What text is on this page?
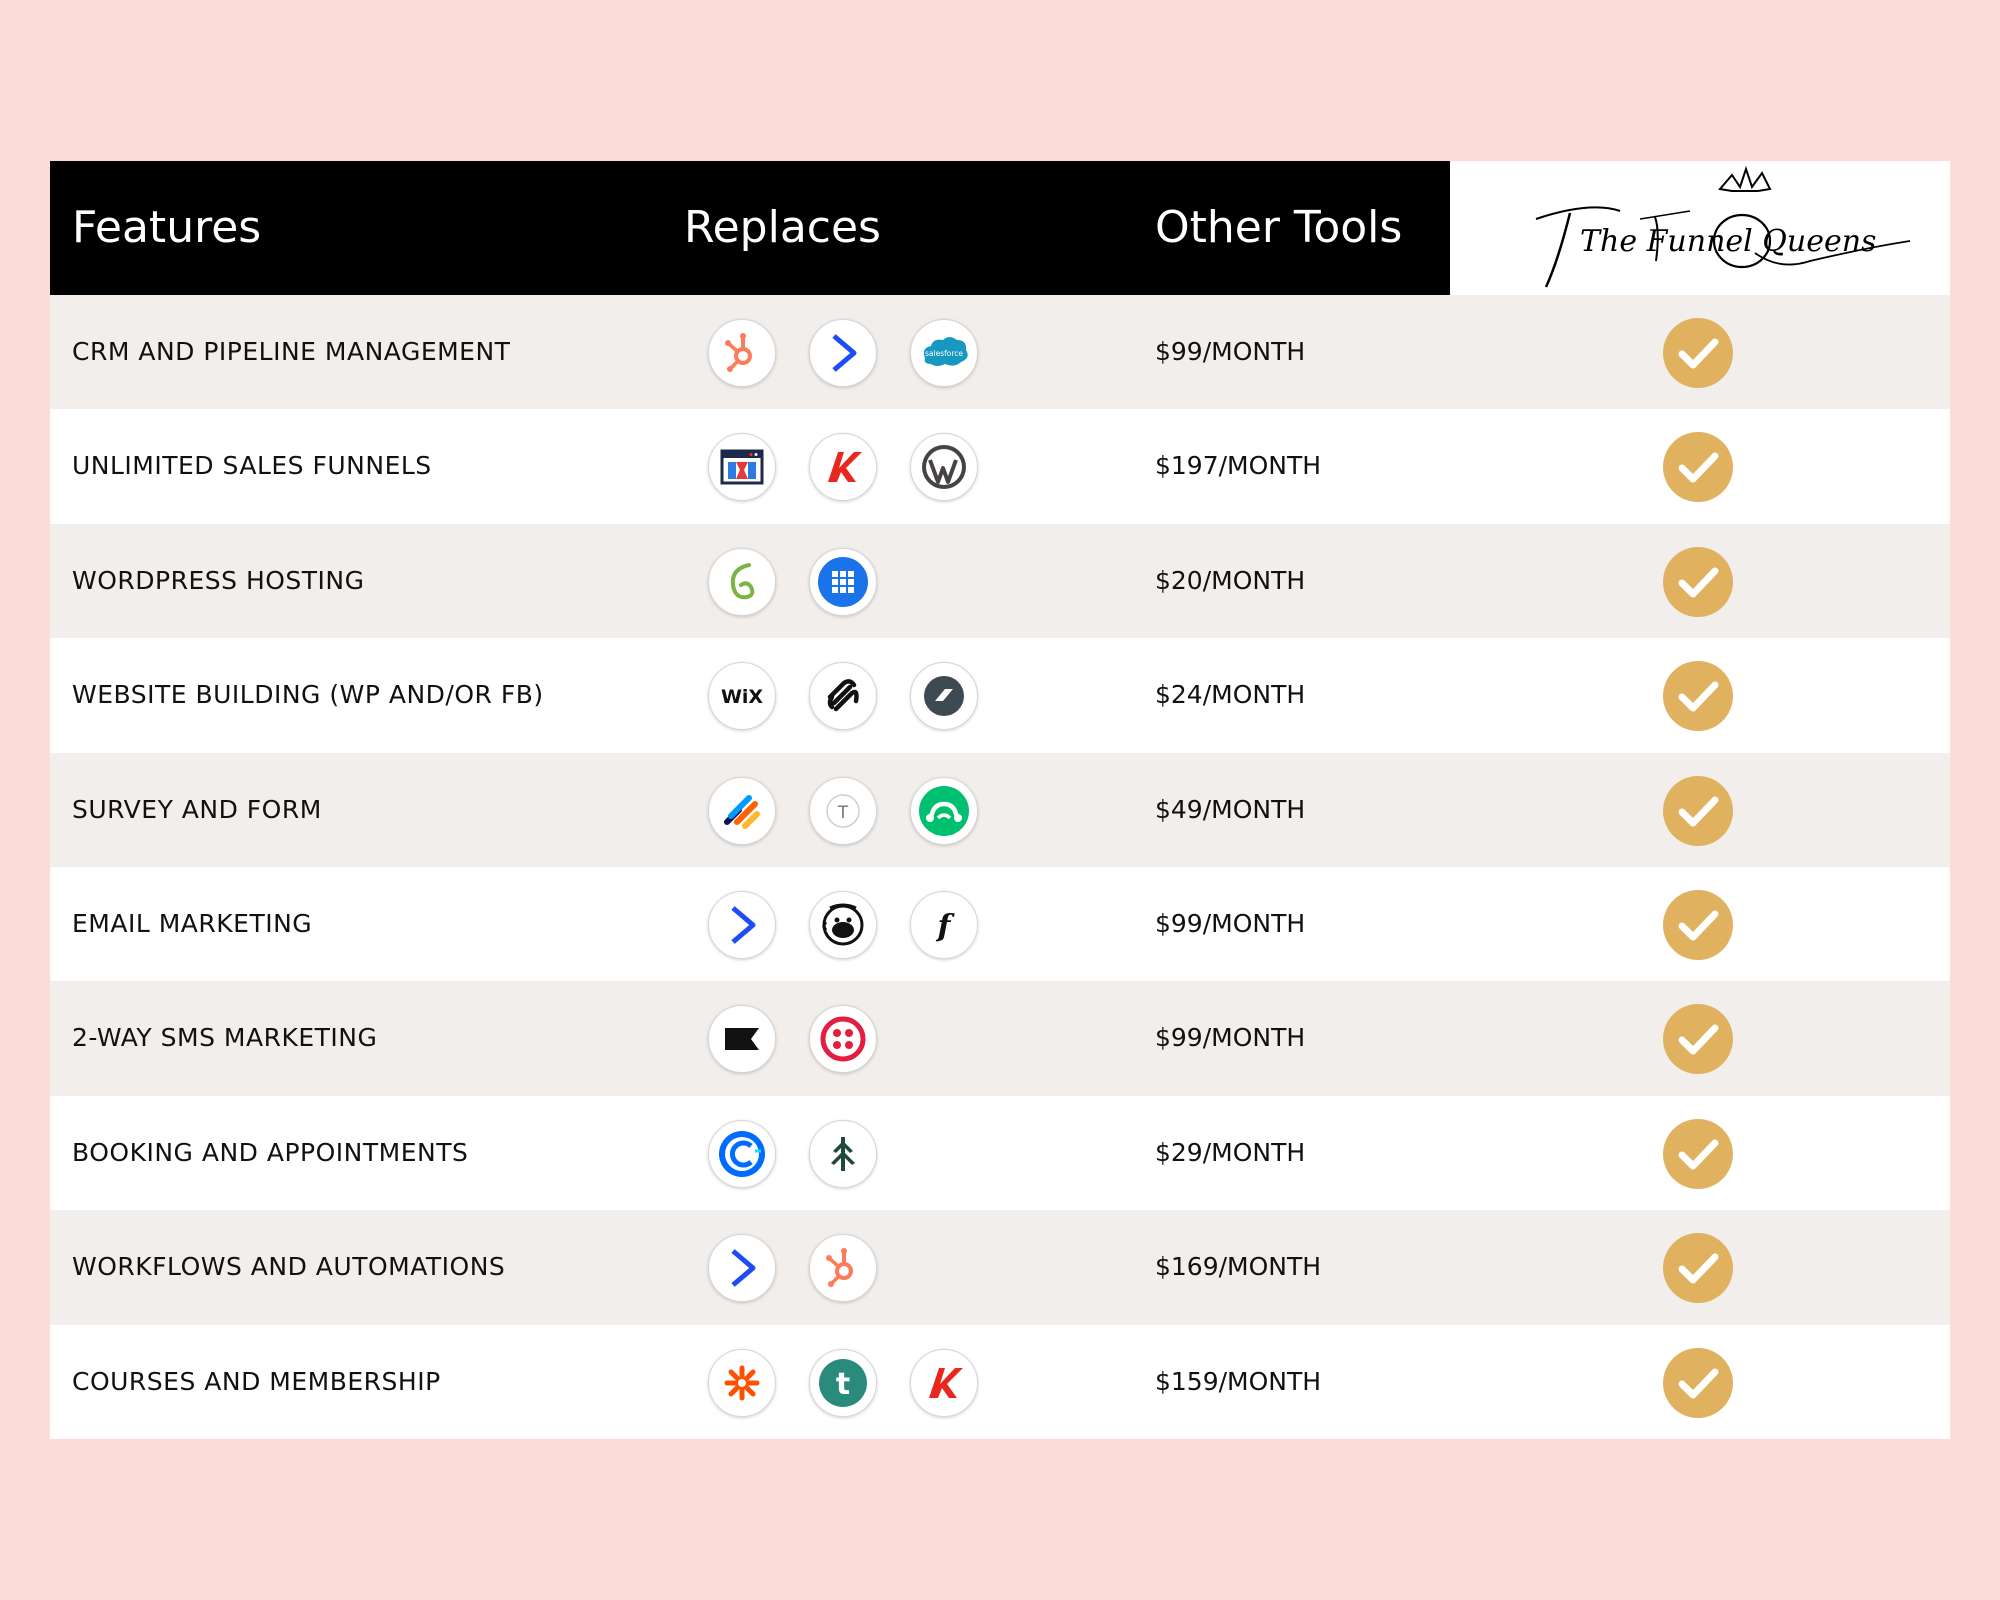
The Funnel Queens
Features	Replaces	Other Tools
CRM AND PIPELINE MANAGEMENT	salesforce	$99/MONTH
UNLIMITED SALES FUNNELS	$197/MONTH
WORDPRESS HOSTING	$20/MONTH
WEBSITE BUILDING (WP AND/OR FB)	WiX	$24/MONTH
SURVEY AND FORM	T	$49/MONTH
EMAIL MARKETING	f	$99/MONTH
2-WAY SMS MARKETING	$99/MONTH
BOOKING AND APPOINTMENTS	$29/MONTH
WORKFLOWS AND AUTOMATIONS	$169/MONTH
COURSES AND MEMBERSHIP	t	$159/MONTH
